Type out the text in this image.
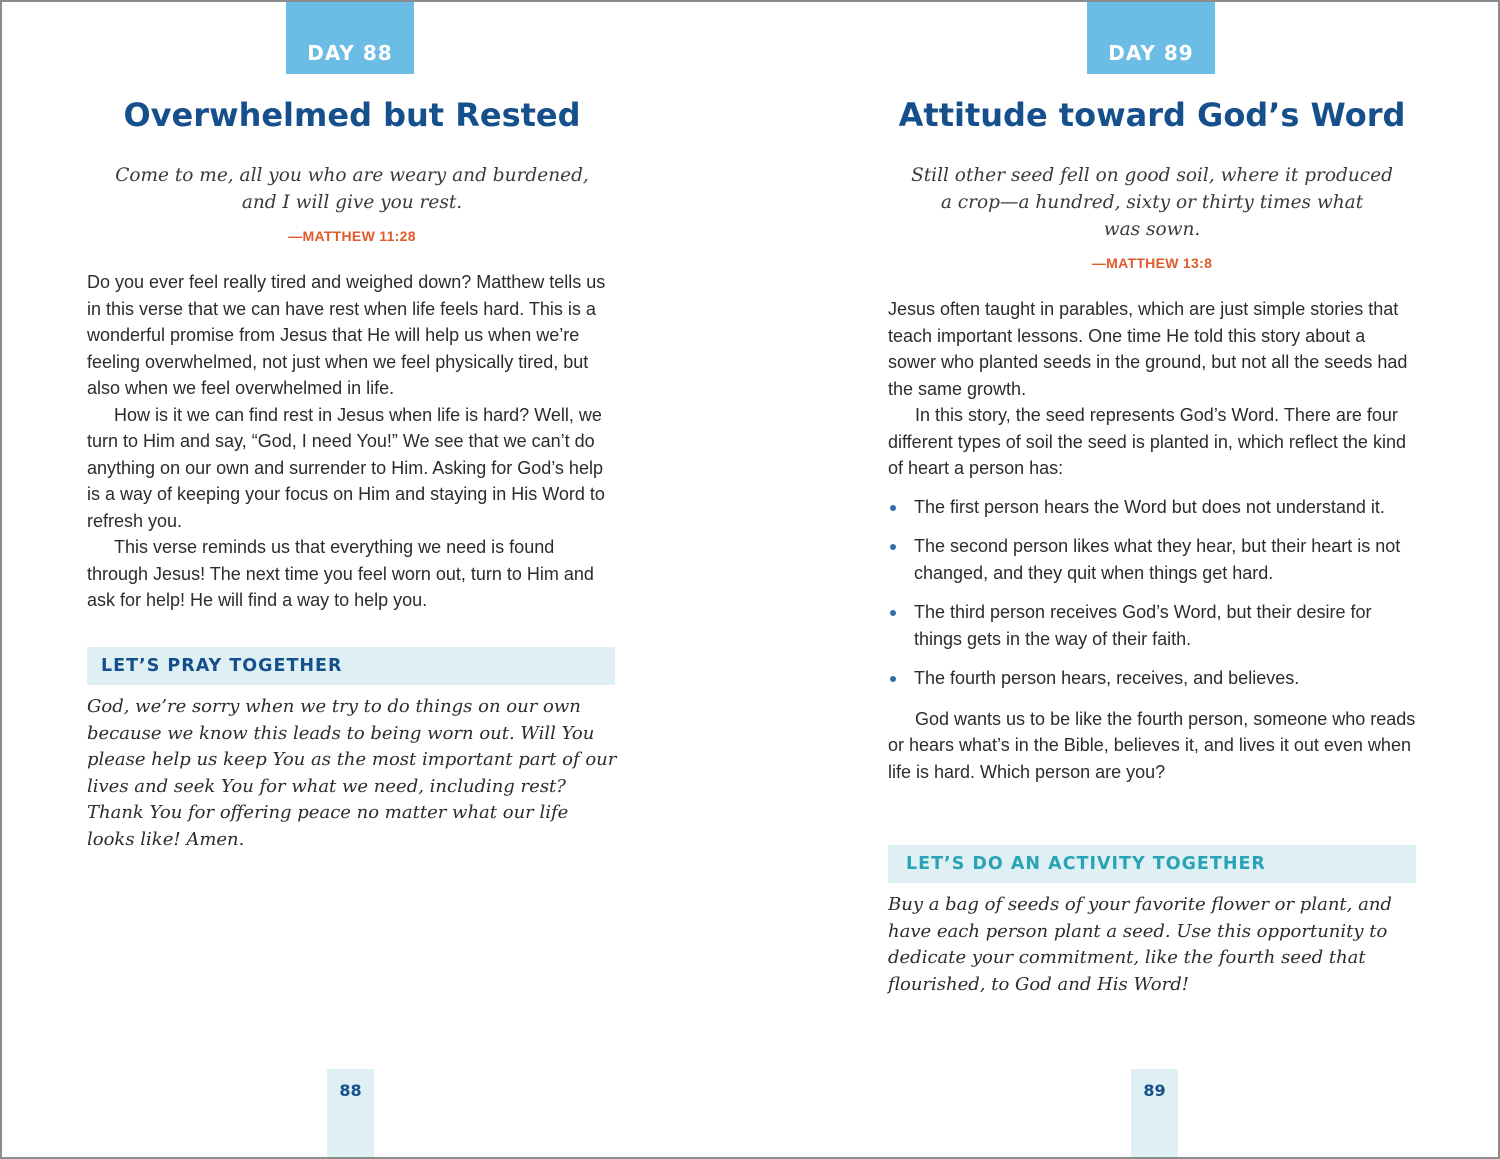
DAY 88
Overwhelmed but Rested

Come to me, all you who are weary and burdened,
and I will give you rest.

—MATTHEW 11:28

Do you ever feel really tired and weighed down? Matthew tells us in this verse that we can have rest when life feels hard. This is a wonderful promise from Jesus that He will help us when we’re feeling overwhelmed, not just when we feel physically tired, but also when we feel overwhelmed in life.

How is it we can find rest in Jesus when life is hard? Well, we turn to Him and say, “God, I need You!” We see that we can’t do anything on our own and surrender to Him. Asking for God’s help is a way of keeping your focus on Him and staying in His Word to refresh you.

This verse reminds us that everything we need is found through Jesus! The next time you feel worn out, turn to Him and ask for help! He will find a way to help you.

LET’S PRAY TOGETHER

God, we’re sorry when we try to do things on our own because we know this leads to being worn out. Will You please help us keep You as the most important part of our lives and seek You for what we need, including rest? Thank You for offering peace no matter what our life looks like! Amen.

88
DAY 89
Attitude toward God’s Word

Still other seed fell on good soil, where it produced
a crop—a hundred, sixty or thirty times what
was sown.

—MATTHEW 13:8

Jesus often taught in parables, which are just simple stories that teach important lessons. One time He told this story about a sower who planted seeds in the ground, but not all the seeds had the same growth.

In this story, the seed represents God’s Word. There are four different types of soil the seed is planted in, which reflect the kind of heart a person has:

The first person hears the Word but does not understand it.
The second person likes what they hear, but their heart is not changed, and they quit when things get hard.
The third person receives God’s Word, but their desire for things gets in the way of their faith.
The fourth person hears, receives, and believes.

God wants us to be like the fourth person, someone who reads or hears what’s in the Bible, believes it, and lives it out even when life is hard. Which person are you?

LET’S DO AN ACTIVITY TOGETHER

Buy a bag of seeds of your favorite flower or plant, and have each person plant a seed. Use this opportunity to dedicate your commitment, like the fourth seed that flourished, to God and His Word!

89
